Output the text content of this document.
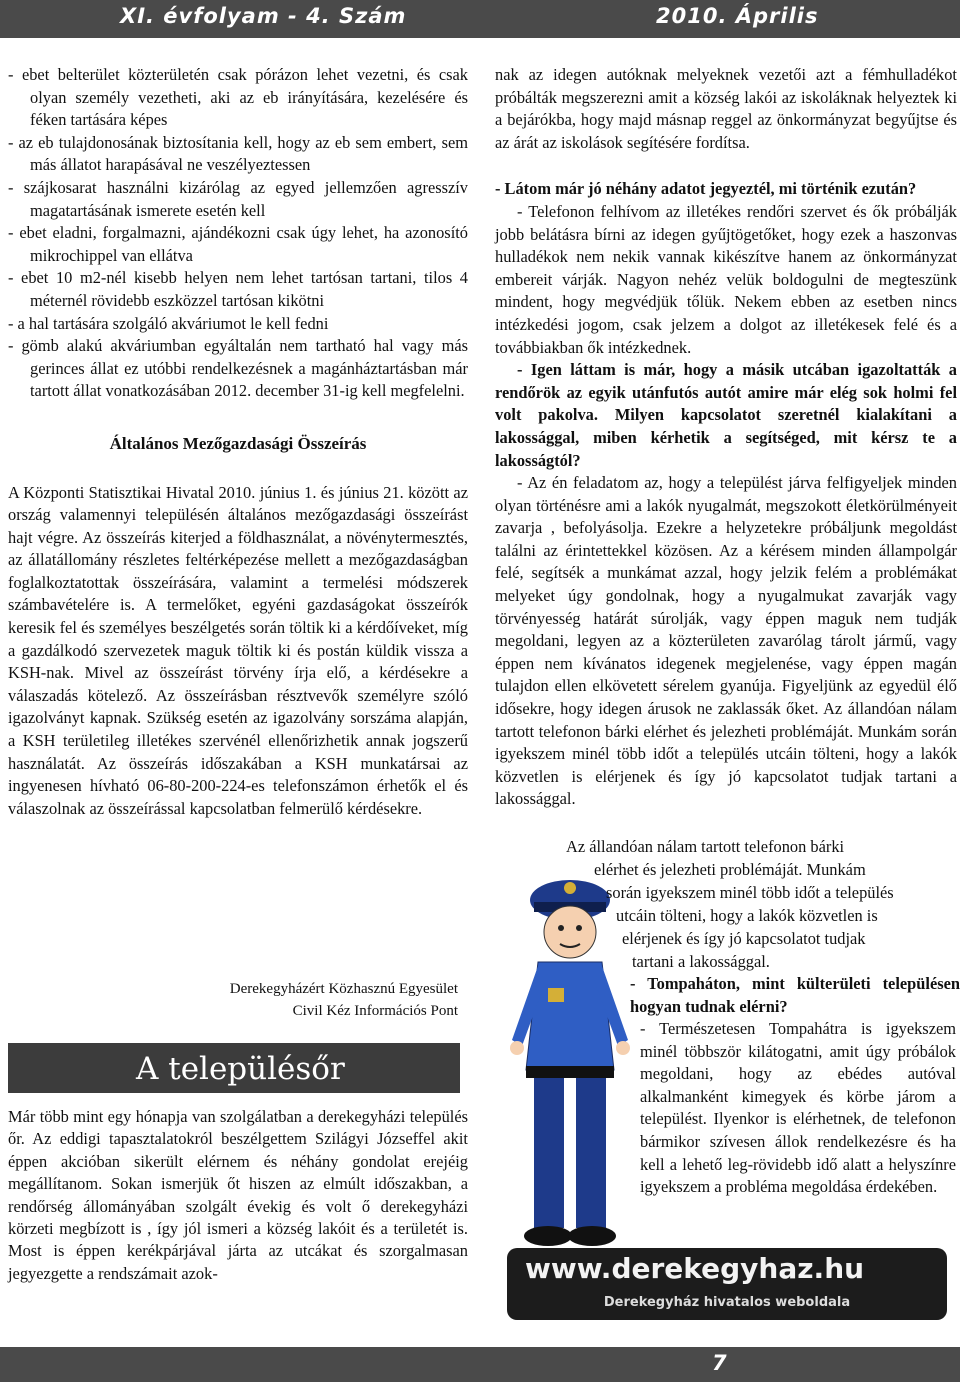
XI. évfolyam - 4. Szám	2010. Április
- ebet belterület közterületén csak pórázon lehet vezetni, és csak olyan személy vezetheti, aki az eb irányítására, kezelésére és féken tartására képes
- az eb tulajdonosának biztosítania kell, hogy az eb sem embert, sem más állatot harapásával ne veszélyeztessen
- szájkosarat használni kizárólag az egyed jellemzően agresszív magatartásának ismerete esetén kell
- ebet eladni, forgalmazni, ajándékozni csak úgy lehet, ha azonosító mikrochippel van ellátva
- ebet 10 m2-nél kisebb helyen nem lehet tartósan tartani, tilos 4 méternél rövidebb eszközzel tartósan kikötni
- a hal tartására szolgáló akváriumot le kell fedni
- gömb alakú akváriumban egyáltalán nem tartható hal vagy más gerinces állat ez utóbbi rendelkezésnek a magánháztartásban már tartott állat vonatkozásában 2012. december 31-ig kell megfelelni.
Általános Mezőgazdasági Összeírás
A Központi Statisztikai Hivatal 2010. június 1. és június 21. között az ország valamennyi településén általános mezőgazdasági összeírást hajt végre. Az összeírás kiterjed a földhasználat, a növénytermesztés, az állatállomány részletes feltérképezése mellett a mezőgazdaságban foglalkoztatottak összeírására, valamint a termelési módszerek számbavételére is. A termelőket, egyéni gazdaságokat összeírók keresik fel és személyes beszélgetés során töltik ki a kérdőíveket, míg a gazdálkodó szervezetek maguk töltik ki és postán küldik vissza a KSH-nak. Mivel az összeírást törvény írja elő, a kérdésekre a válaszadás kötelező. Az összeírásban résztvevők személyre szóló igazolványt kapnak. Szükség esetén az igazolvány sorszáma alapján, a KSH területileg illetékes szervénél ellenőrizhetik annak jogszerű használatát. Az összeírás időszakában a KSH munkatársai az ingyenesen hívható 06-80-200-224-es telefonszámon érhetők el és válaszolnak az összeírással kapcsolatban felmerülő kérdésekre.
Derekegyházért Közhasznú Egyesület
Civil Kéz Információs Pont
A településőr
Már több mint egy hónapja van szolgálatban a derekegyházi település őr. Az eddigi tapasztalatokról beszélgettem Szilágyi Józseffel akit éppen akcióban sikerült elérnem és néhány gondolat erejéig megállítanom. Sokan ismerjük őt hiszen az elmúlt időszakban, a rendőrség állományában szolgált évekig és volt ő derekegyházi körzeti megbízott is , így jól ismeri a község lakóit és a területét is. Most is éppen kerékpárjával járta az utcákat és szorgalmasan jegyezgette a rendszámait azok-
nak az idegen autóknak melyeknek vezetői azt a fémhulladékot próbálták megszerezni amit a község lakói az iskoláknak helyeztek ki a bejárókba, hogy majd másnap reggel az önkormányzat begyűjtse és az árát az iskolások segítésére fordítsa.
- Látom már jó néhány adatot jegyeztél, mi történik ezután?
- Telefonon felhívom az illetékes rendőri szervet és ők próbálják jobb belátásra bírni az idegen gyűjtögetőket, hogy ezek a haszonvas hulladékok nem nekik vannak kikészítve hanem az önkormányzat embereit várják. Nagyon nehéz velük boldogulni de megteszünk mindent, hogy megvédjük tőlük. Nekem ebben az esetben nincs intézkedési jogom, csak jelzem a dolgot az illetékesek felé és a továbbiakban ők intézkednek.
- Igen láttam is már, hogy a másik utcában igazoltatták a rendőrök az egyik utánfutós autót amire már elég sok holmi fel volt pakolva. Milyen kapcsolatot szeretnél kialakítani a lakossággal, miben kérhetik a segítséged, mit kérsz te a lakosságtól?
- Az én feladatom az, hogy a települést járva felfigyeljek minden olyan történésre ami a lakók nyugalmát, megszokott életkörülményeit zavarja , befolyásolja. Ezekre a helyzetekre próbáljunk megoldást találni az érintettekkel közösen. Az a kérésem minden állampolgár felé, segítsék a munkámat azzal, hogy jelzik felém a problémákat melyeket úgy gondolnak, hogy a nyugalmukat zavarják vagy törvényesség határát súrolják, vagy éppen maguk nem tudják megoldani, legyen az a közterületen zavarólag tárolt jármű, vagy éppen nem kívánatos idegenek megjelenése, vagy éppen magán tulajdon ellen elkövetett sérelem gyanúja. Figyeljünk az egyedül élő idősekre, hogy idegen árusok ne zaklassák őket. Az állandóan nálam tartott telefonon bárki elérhet és jelezheti problémáját. Munkám során igyekszem minél több időt a település utcáin tölteni, hogy a lakók közvetlen is elérjenek és így jó kapcsolatot tudjak tartani a lakossággal.
Az állandóan nálam tartott telefonon bárki
elérhet és jelezheti problémáját. Munkám
során igyekszem minél több időt a település
utcáin tölteni, hogy a lakók közvetlen is
elérjenek és így jó kapcsolatot tudjak
tartani a lakossággal.
- Tompaháton, mint külterületi településen hogyan tudnak elérni?
- Természetesen Tompahátra is igyekszem minél többször kilátogatni, amit úgy próbálok megoldani, hogy az ebédes autóval alkalmanként kimegyek és körbe járom a települést. Ilyenkor is elérhetnek, de telefonon bármikor szívesen állok rendelkezésre és ha kell a lehető leg-rövidebb idő alatt a helyszínre igyekszem a probléma megoldása érdekében.
www.derekegyhaz.hu
Derekegyház hivatalos weboldala
7
